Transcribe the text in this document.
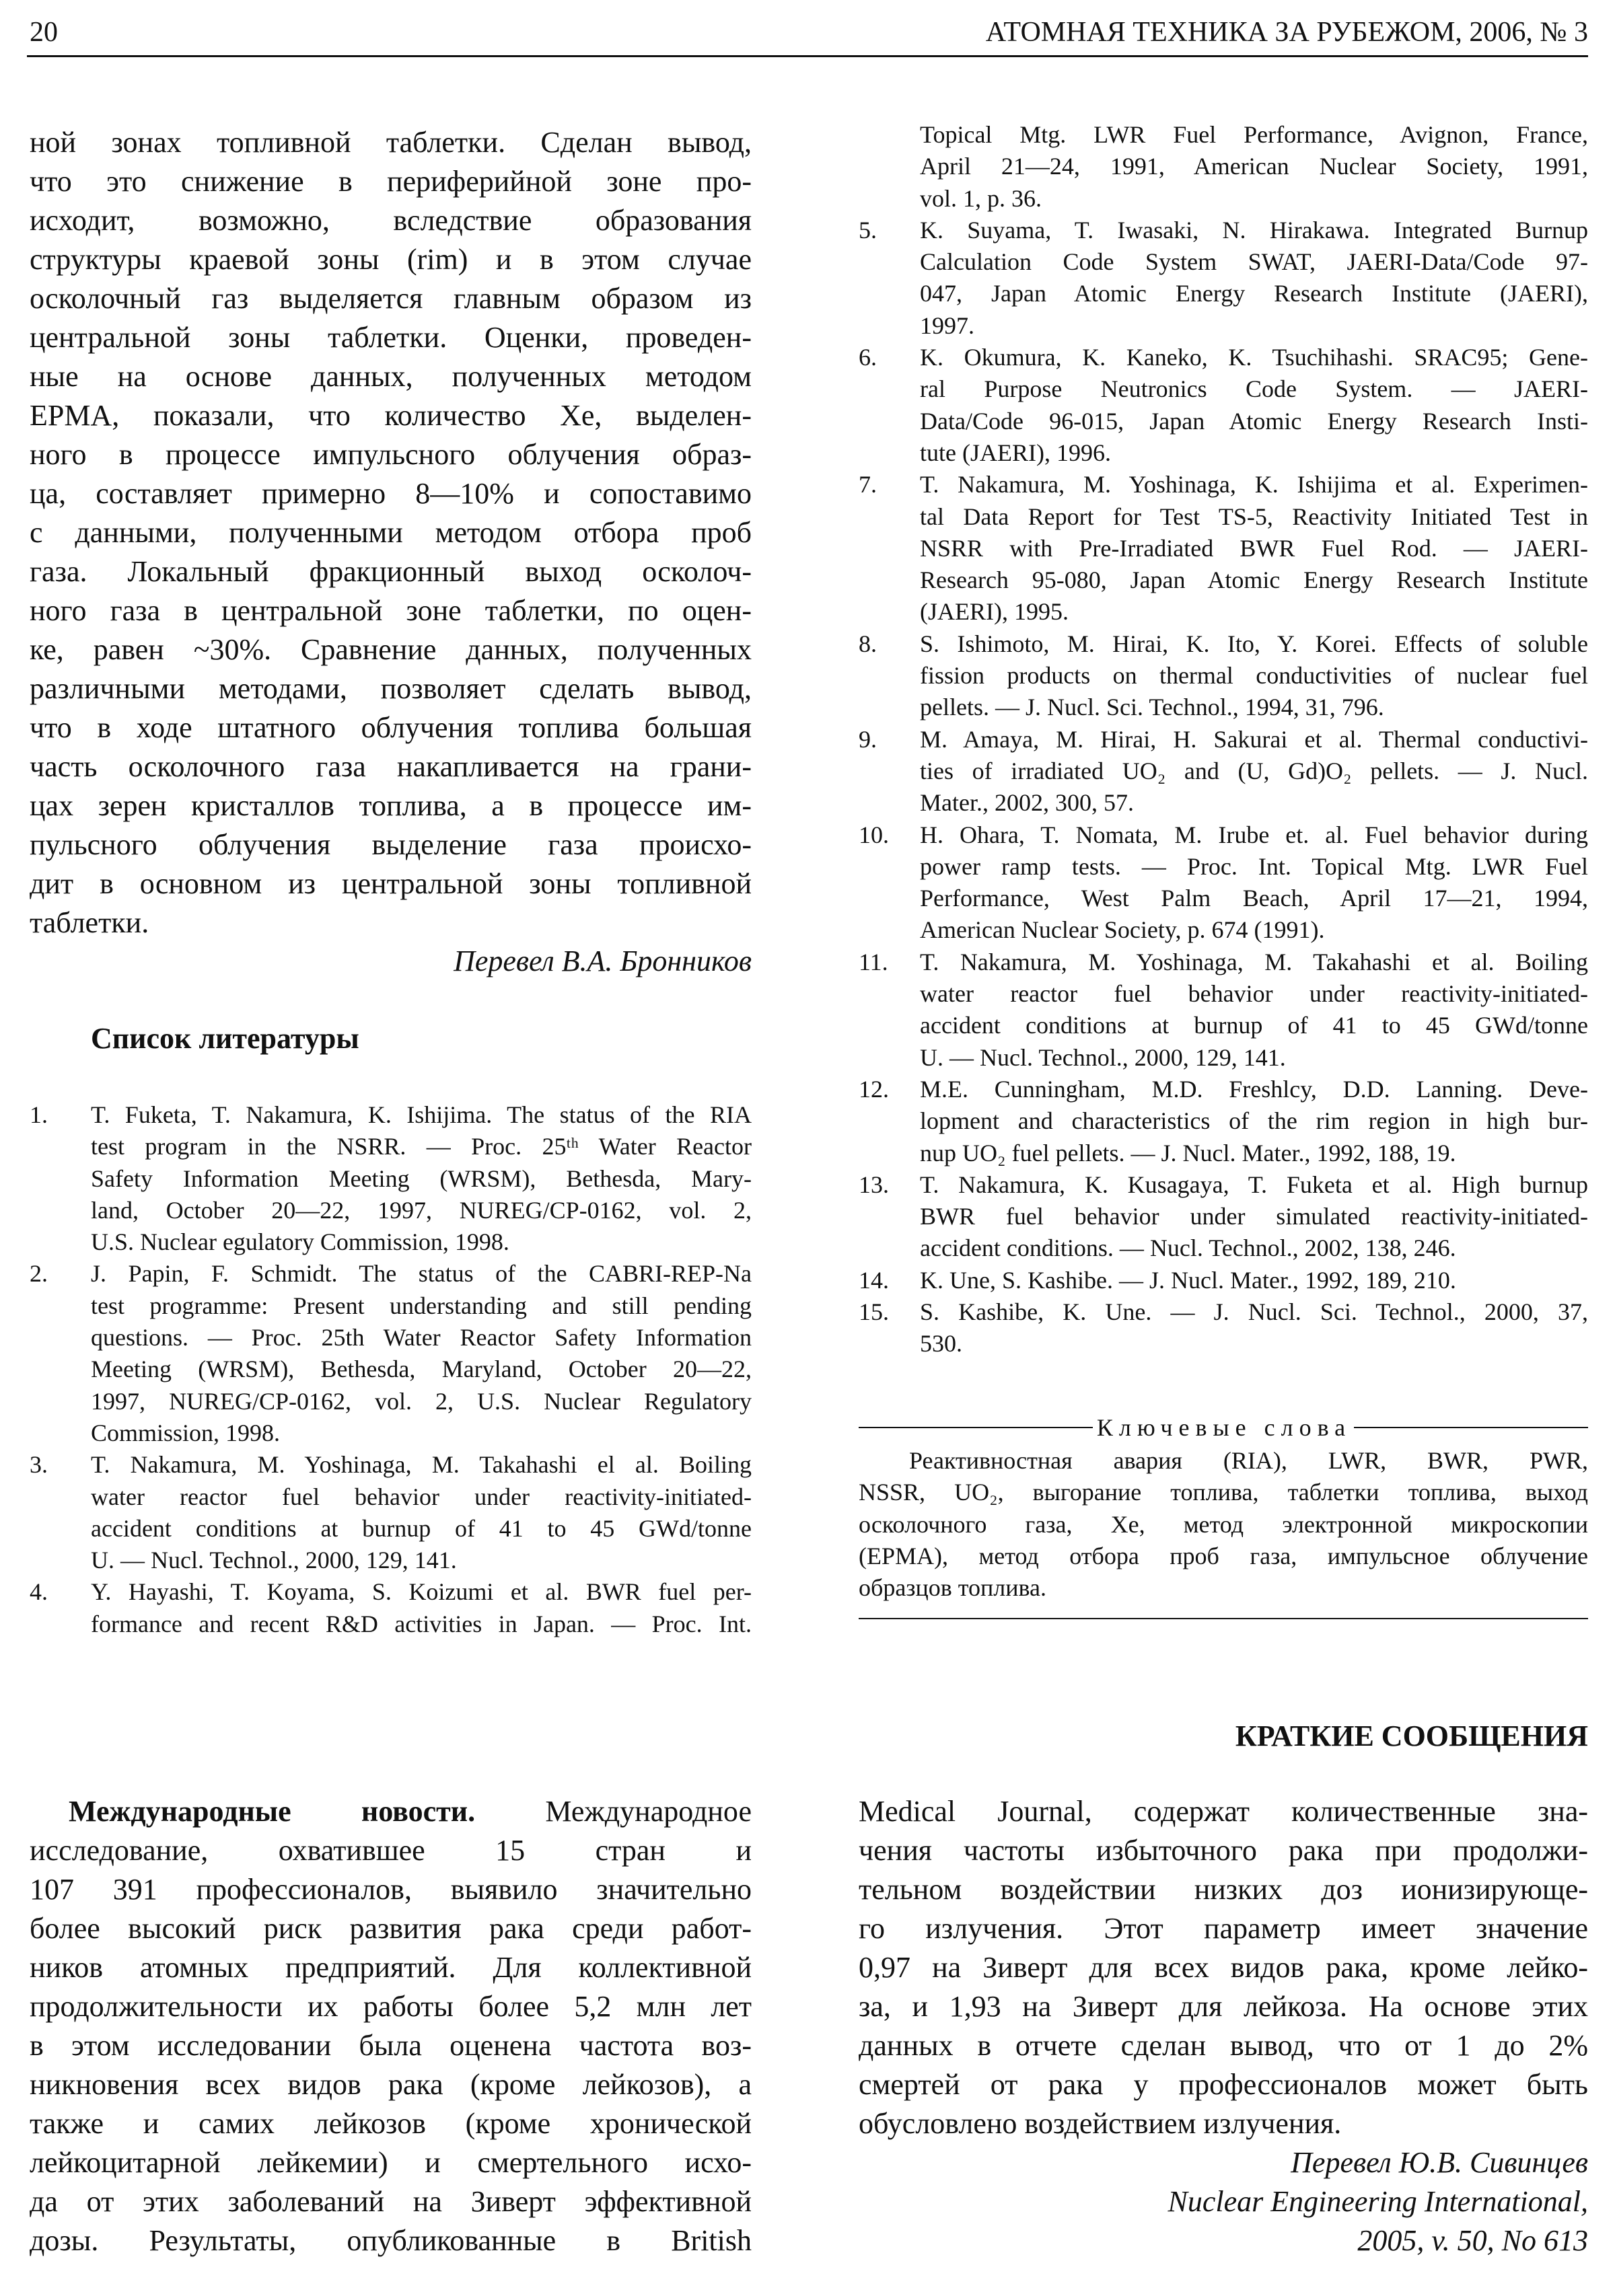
20	АТОМНАЯ ТЕХНИКА ЗА РУБЕЖОМ, 2006, № 3
ной зонах топливной таблетки. Сделан вывод,
что это снижение в периферийной зоне про-
исходит, возможно, вследствие образования
структуры краевой зоны (rim) и в этом случае
осколочный газ выделяется главным образом из
центральной зоны таблетки. Оценки, проведен-
ные на основе данных, полученных методом
ЕРМА, показали, что количество Хе, выделен-
ного в процессе импульсного облучения образ-
ца, составляет примерно 8—10% и сопоставимо
с данными, полученными методом отбора проб
газа. Локальный фракционный выход осколоч-
ного газа в центральной зоне таблетки, по оцен-
ке, равен ~30%. Сравнение данных, полученных
различными методами, позволяет сделать вывод,
что в ходе штатного облучения топлива большая
часть осколочного газа накапливается на грани-
цах зерен кристаллов топлива, а в процессе им-
пульсного облучения выделение газа происхо-
дит в основном из центральной зоны топливной
таблетки.
Перевел В.А. Бронников
Список литературы
1. T. Fuketa, T. Nakamura, K. Ishijima. The status of the RIA
test program in the NSRR. — Proc. 25ᵗʰ Water Reactor
Safety Information Meeting (WRSM), Bethesda, Mary-
land, October 20—22, 1997, NUREG/CP-0162, vol. 2,
U.S. Nuclear egulatory Commission, 1998.
2. J. Papin, F. Schmidt. The status of the CABRI-REP-Na
test programme: Present understanding and still pending
questions. — Proc. 25th Water Reactor Safety Information
Meeting (WRSM), Bethesda, Maryland, October 20—22,
1997, NUREG/CP-0162, vol. 2, U.S. Nuclear Regulatory
Commission, 1998.
3. T. Nakamura, M. Yoshinaga, M. Takahashi el al. Boiling
water reactor fuel behavior under reactivity-initiated-
accident conditions at burnup of 41 to 45 GWd/tonne
U. — Nucl. Technol., 2000, 129, 141.
4. Y. Hayashi, T. Koyama, S. Koizumi et al. BWR fuel per-
formance and recent R&D activities in Japan. — Proc. Int.
Topical Mtg. LWR Fuel Performance, Avignon, France,
April 21—24, 1991, American Nuclear Society, 1991,
vol. 1, p. 36.
5. K. Suyama, T. Iwasaki, N. Hirakawa. Integrated Burnup
Calculation Code System SWAT, JAERI-Data/Code 97-
047, Japan Atomic Energy Research Institute (JAERI),
1997.
6. K. Okumura, K. Kaneko, K. Tsuchihashi. SRAC95; Gene-
ral Purpose Neutronics Code System. — JAERI-
Data/Code 96-015, Japan Atomic Energy Research Insti-
tute (JAERI), 1996.
7. T. Nakamura, M. Yoshinaga, K. Ishijima et al. Experimen-
tal Data Report for Test TS-5, Reactivity Initiated Test in
NSRR with Pre-Irradiated BWR Fuel Rod. — JAERI-
Research 95-080, Japan Atomic Energy Research Institute
(JAERI), 1995.
8. S. Ishimoto, M. Hirai, K. Ito, Y. Korei. Effects of soluble
fission products on thermal conductivities of nuclear fuel
pellets. — J. Nucl. Sci. Technol., 1994, 31, 796.
9. M. Amaya, M. Hirai, H. Sakurai et al. Thermal conductivi-
ties of irradiated UO₂ and (U, Gd)O₂ pellets. — J. Nucl.
Mater., 2002, 300, 57.
10. H. Ohara, T. Nomata, M. Irube et. al. Fuel behavior during
power ramp tests. — Proc. Int. Topical Mtg. LWR Fuel
Performance, West Palm Beach, April 17—21, 1994,
American Nuclear Society, p. 674 (1991).
11. T. Nakamura, M. Yoshinaga, M. Takahashi et al. Boiling
water reactor fuel behavior under reactivity-initiated-
accident conditions at burnup of 41 to 45 GWd/tonne
U. — Nucl. Technol., 2000, 129, 141.
12. M.E. Cunningham, M.D. Freshlcy, D.D. Lanning. Deve-
lopment and characteristics of the rim region in high bur-
nup UO₂ fuel pellets. — J. Nucl. Mater., 1992, 188, 19.
13. T. Nakamura, K. Kusagaya, T. Fuketa et al. High burnup
BWR fuel behavior under simulated reactivity-initiated-
accident conditions. — Nucl. Technol., 2002, 138, 246.
14. K. Une, S. Kashibe. — J. Nucl. Mater., 1992, 189, 210.
15. S. Kashibe, K. Une. — J. Nucl. Sci. Technol., 2000, 37,
530.
Ключевые слова
Реактивностная авария (RIA), LWR, BWR, PWR,
NSSR, UO₂, выгорание топлива, таблетки топлива, выход
осколочного газа, Хе, метод электронной микроскопии
(ЕРМА), метод отбора проб газа, импульсное облучение
образцов топлива.
КРАТКИЕ СООБЩЕНИЯ
Международные новости. Международное
исследование, охватившее 15 стран и
107 391 профессионалов, выявило значительно
более высокий риск развития рака среди работ-
ников атомных предприятий. Для коллективной
продолжительности их работы более 5,2 млн лет
в этом исследовании была оценена частота воз-
никновения всех видов рака (кроме лейкозов), а
также и самих лейкозов (кроме хронической
лейкоцитарной лейкемии) и смертельного исхо-
да от этих заболеваний на Зиверт эффективной
дозы. Результаты, опубликованные в British
Medical Journal, содержат количественные зна-
чения частоты избыточного рака при продолжи-
тельном воздействии низких доз ионизирующе-
го излучения. Этот параметр имеет значение
0,97 на Зиверт для всех видов рака, кроме лейко-
за, и 1,93 на Зиверт для лейкоза. На основе этих
данных в отчете сделан вывод, что от 1 до 2%
смертей от рака у профессионалов может быть
обусловлено воздействием излучения.
Перевел Ю.В. Сивинцев
Nuclear Engineering International,
2005, v. 50, No 613
